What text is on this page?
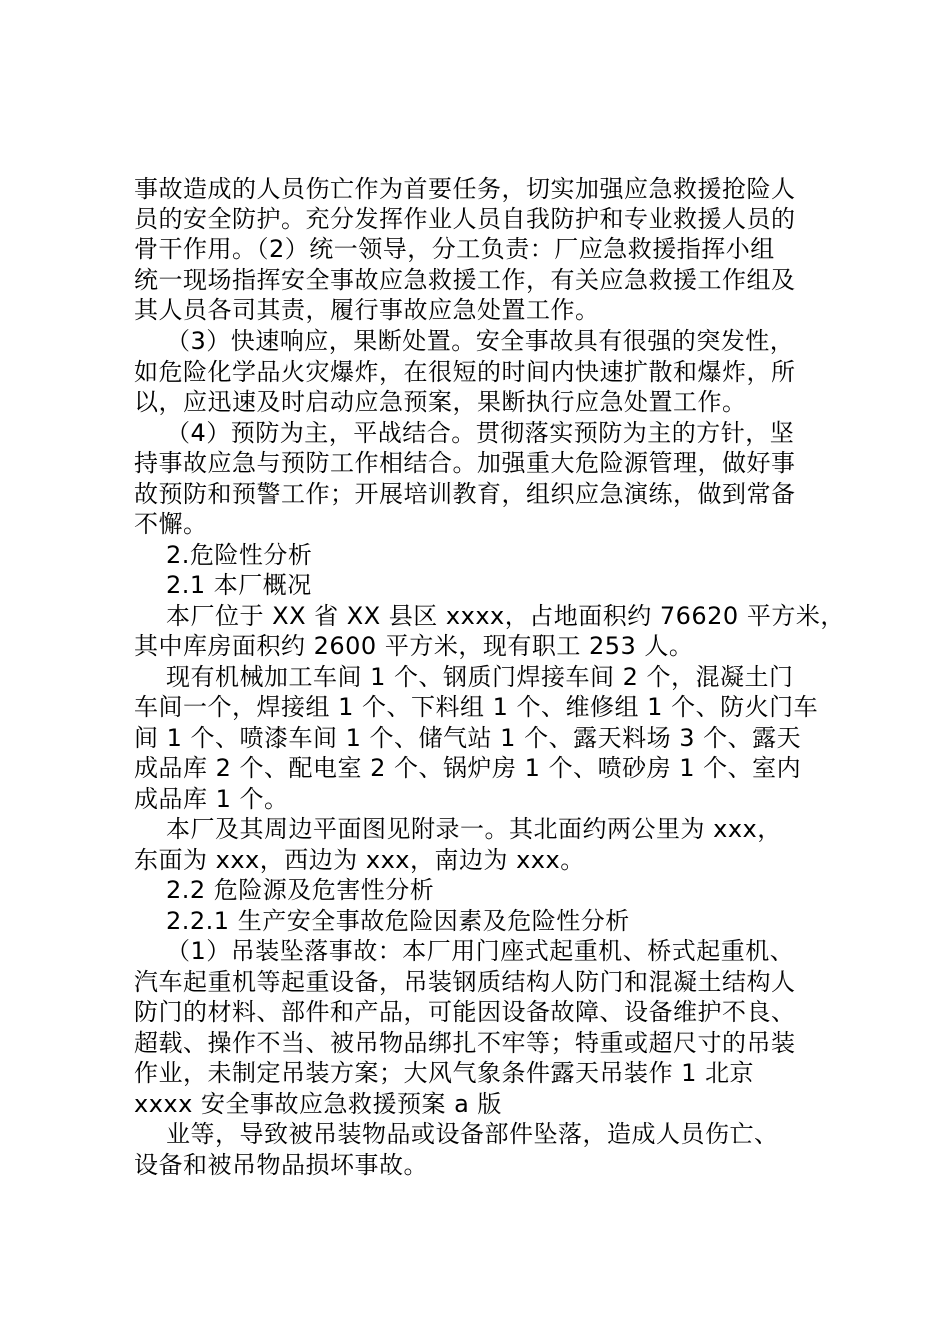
事故造成的人员伤亡作为首要任务，切实加强应急救援抢险人
员的安全防护。充分发挥作业人员自我防护和专业救援人员的
骨干作用。（2）统一领导，分工负责：厂应急救援指挥小组
统一现场指挥安全事故应急救援工作，有关应急救援工作组及
其人员各司其责，履行事故应急处置工作。
（3）快速响应，果断处置。安全事故具有很强的突发性，
如危险化学品火灾爆炸，在很短的时间内快速扩散和爆炸，所
以，应迅速及时启动应急预案，果断执行应急处置工作。
（4）预防为主，平战结合。贯彻落实预防为主的方针，坚
持事故应急与预防工作相结合。加强重大危险源管理，做好事
故预防和预警工作；开展培训教育，组织应急演练，做到常备
不懈。
2.危险性分析
2.1 本厂概况
本厂位于 XX 省 XX 县区 xxxx，占地面积约 76620 平方米，
其中库房面积约 2600 平方米，现有职工 253 人。
现有机械加工车间 1 个、钢质门焊接车间 2 个，混凝土门
车间一个，焊接组 1 个、下料组 1 个、维修组 1 个、防火门车
间 1 个、喷漆车间 1 个、储气站 1 个、露天料场 3 个、露天
成品库 2 个、配电室 2 个、锅炉房 1 个、喷砂房 1 个、室内
成品库 1 个。
本厂及其周边平面图见附录一。其北面约两公里为 xxx，
东面为 xxx，西边为 xxx，南边为 xxx。
2.2 危险源及危害性分析
2.2.1 生产安全事故危险因素及危险性分析
（1）吊装坠落事故：本厂用门座式起重机、桥式起重机、
汽车起重机等起重设备，吊装钢质结构人防门和混凝土结构人
防门的材料、部件和产品，可能因设备故障、设备维护不良、
超载、操作不当、被吊物品绑扎不牢等；特重或超尺寸的吊装
作业，未制定吊装方案；大风气象条件露天吊装作 1 北京
xxxx 安全事故应急救援预案 a 版
业等，导致被吊装物品或设备部件坠落，造成人员伤亡、
设备和被吊物品损坏事故。
